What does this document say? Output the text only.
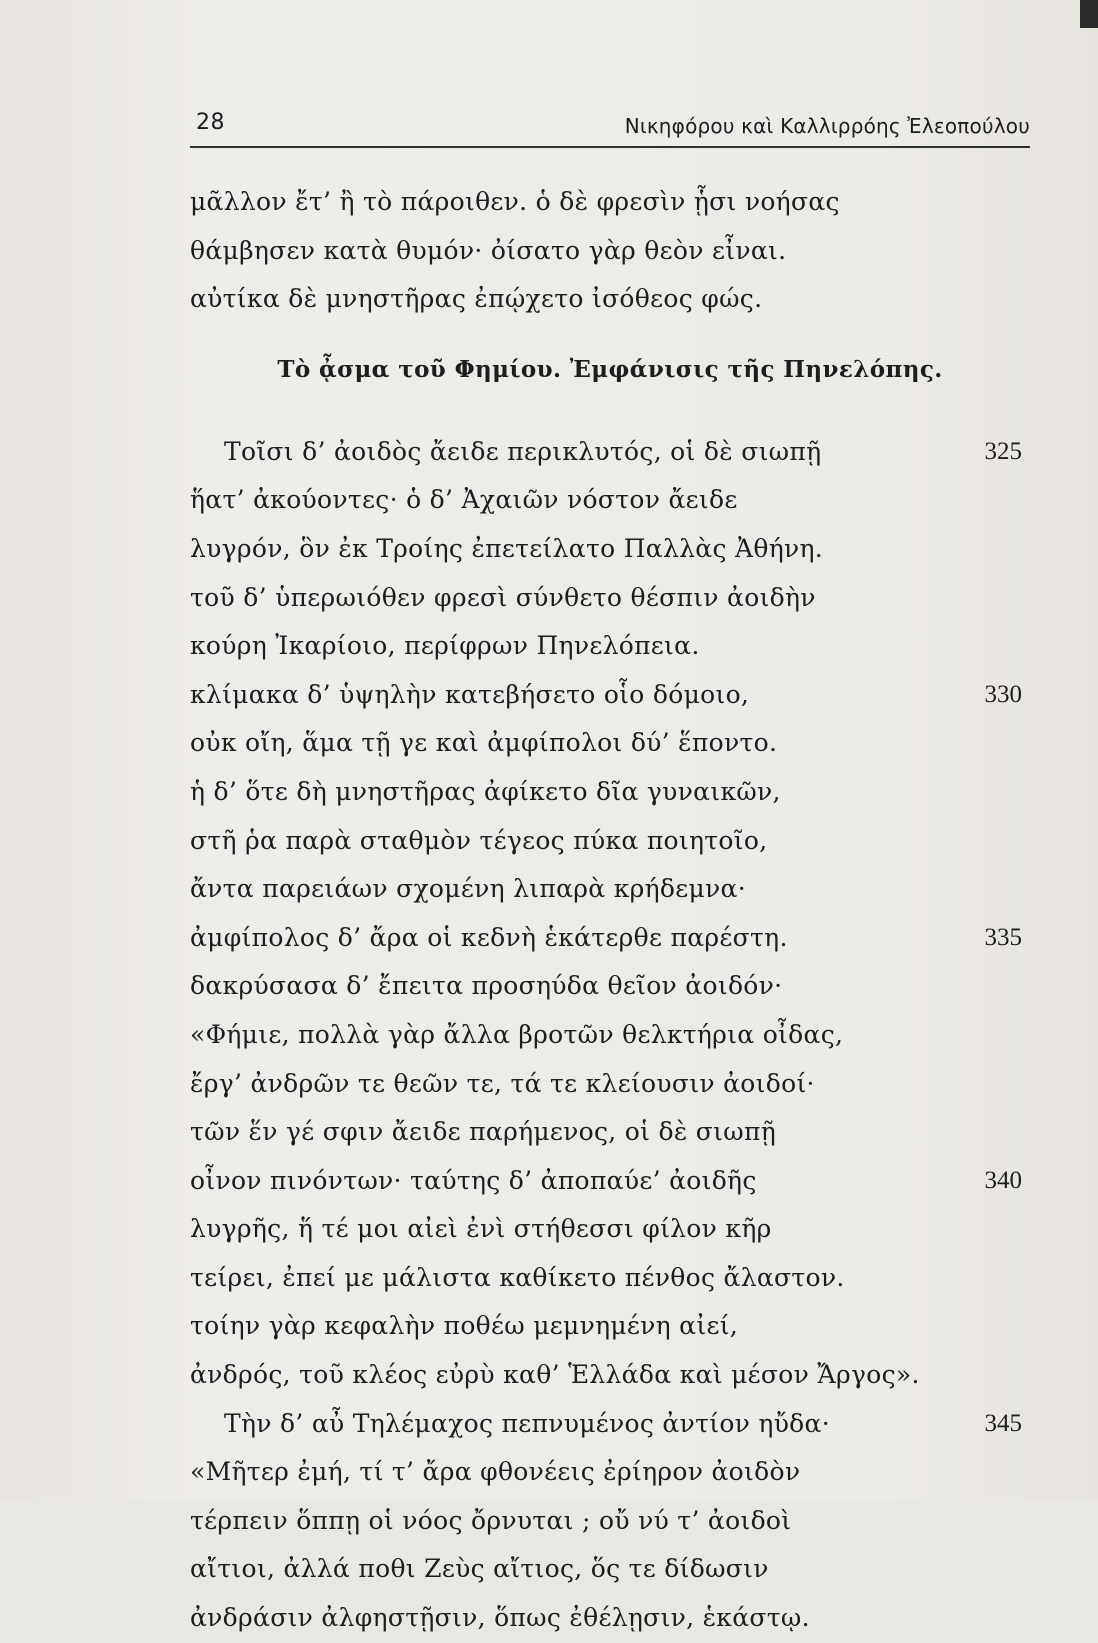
28	Νικηφόρου καὶ Καλλιρρόης Ἐλεοπούλου
μᾶλλον ἔτ’ ἢ τὸ πάροιθεν. ὁ δὲ φρεσὶν ᾗσι νοήσας
θάμβησεν κατὰ θυμόν· ὀίσατο γὰρ θεὸν εἶναι.
αὐτίκα δὲ μνηστῆρας ἐπῴχετο ἰσόθεος φώς.
Τὸ ᾆσμα τοῦ Φημίου. Ἐμφάνισις τῆς Πηνελόπης.
Τοῖσι δ’ ἀοιδὸς ἄειδε περικλυτός, οἱ δὲ σιωπῇ	325
ἥατ’ ἀκούοντες· ὁ δ’ Ἀχαιῶν νόστον ἄειδε
λυγρόν, ὃν ἐκ Τροίης ἐπετείλατο Παλλὰς Ἀθήνη.
τοῦ δ’ ὑπερωιόθεν φρεσὶ σύνθετο θέσπιν ἀοιδὴν
κούρη Ἰκαρίοιο, περίφρων Πηνελόπεια.
κλίμακα δ’ ὑψηλὴν κατεβήσετο οἷο δόμοιο,	330
οὐκ οἴη, ἅμα τῇ γε καὶ ἀμφίπολοι δύ’ ἕποντο.
ἡ δ’ ὅτε δὴ μνηστῆρας ἀφίκετο δῖα γυναικῶν,
στῆ ῥα παρὰ σταθμὸν τέγεος πύκα ποιητοῖο,
ἄντα παρειάων σχομένη λιπαρὰ κρήδεμνα·
ἀμφίπολος δ’ ἄρα οἱ κεδνὴ ἑκάτερθε παρέστη.	335
δακρύσασα δ’ ἔπειτα προσηύδα θεῖον ἀοιδόν·
«Φήμιε, πολλὰ γὰρ ἄλλα βροτῶν θελκτήρια οἶδας,
ἔργ’ ἀνδρῶν τε θεῶν τε, τά τε κλείουσιν ἀοιδοί·
τῶν ἕν γέ σφιν ἄειδε παρήμενος, οἱ δὲ σιωπῇ
οἶνον πινόντων· ταύτης δ’ ἀποπαύε’ ἀοιδῆς	340
λυγρῆς, ἥ τέ μοι αἰεὶ ἐνὶ στήθεσσι φίλον κῆρ
τείρει, ἐπεί με μάλιστα καθίκετο πένθος ἄλαστον.
τοίην γὰρ κεφαλὴν ποθέω μεμνημένη αἰεί,
ἀνδρός, τοῦ κλέος εὐρὺ καθ’ Ἑλλάδα καὶ μέσον Ἄργος».
Τὴν δ’ αὖ Τηλέμαχος πεπνυμένος ἀντίον ηὔδα·	345
«Μῆτερ ἐμή, τί τ’ ἄρα φθονέεις ἐρίηρον ἀοιδὸν
τέρπειν ὅππῃ οἱ νόος ὄρνυται ; οὔ νύ τ’ ἀοιδοὶ
αἴτιοι, ἀλλά ποθι Ζεὺς αἴτιος, ὅς τε δίδωσιν
ἀνδράσιν ἀλφηστῇσιν, ὅπως ἐθέλῃσιν, ἑκάστῳ.
